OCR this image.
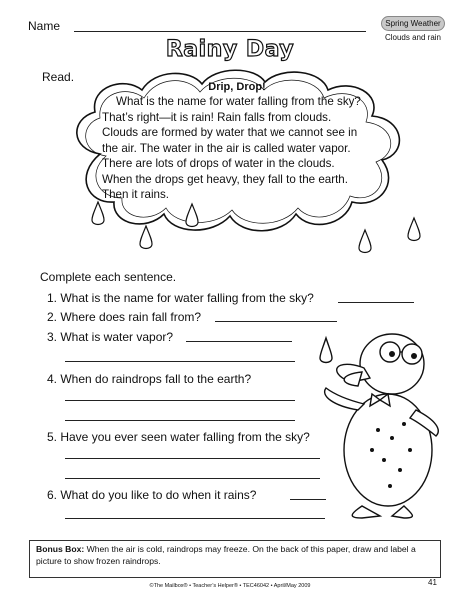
Name	Spring Weather
Clouds and rain
Rainy Day
Read.
Drip, Drop!
What is the name for water falling from the sky?
That’s right—it is rain! Rain falls from clouds.
Clouds are formed by water that we cannot see in
the air. The water in the air is called water vapor.
There are lots of drops of water in the clouds.
When the drops get heavy, they fall to the earth.
Then it rains.
Complete each sentence.
1. What is the name for water falling from the sky?
2. Where does rain fall from?
3. What is water vapor?
4. When do raindrops fall to the earth?
5. Have you ever seen water falling from the sky?
6. What do you like to do when it rains?
Bonus Box: When the air is cold, raindrops may freeze. On the back of this paper, draw and label a picture to show frozen raindrops.
©The Mailbox® • Teacher’s Helper® • TEC46042 • April/May 2009	41
